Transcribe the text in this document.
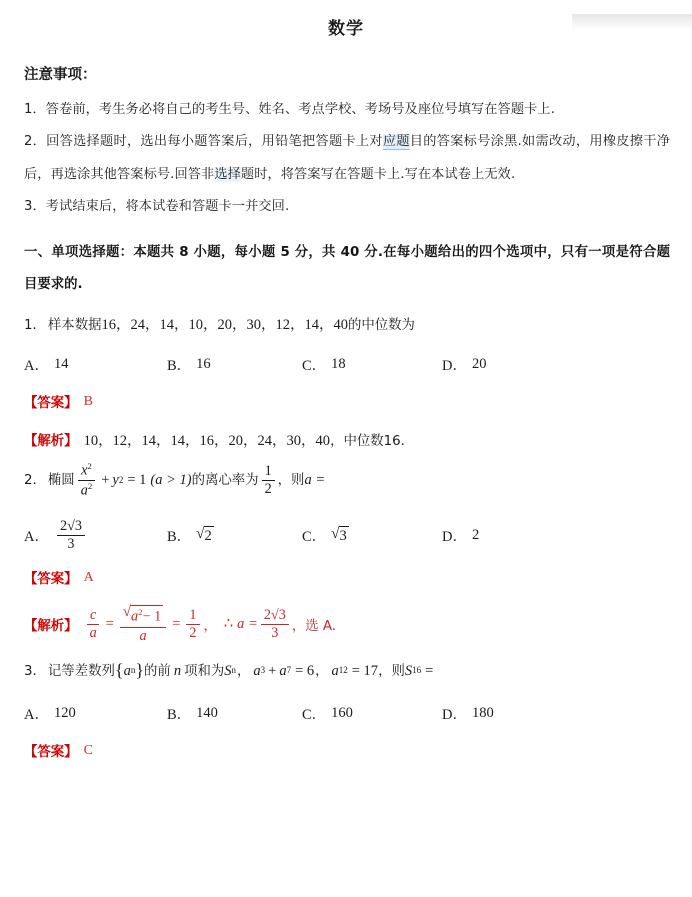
数学
注意事项：
1．答卷前，考生务必将自己的考生号、姓名、考点学校、考场号及座位号填写在答题卡上.
2．回答选择题时，选出每小题答案后，用铅笔把答题卡上对应题目的答案标号涂黑.如需改动，用橡皮擦干净后，再选涂其他答案标号.回答非选择题时，将答案写在答题卡上.写在本试卷上无效.
3．考试结束后，将本试卷和答题卡一并交回.
一、单项选择题：本题共 8 小题，每小题 5 分，共 40 分.在每小题给出的四个选项中，只有一项是符合题目要求的.
1． 样本数据 16，24，14，10，20，30，12，14，40 的中位数为
A． 14	B． 16	C． 18	D． 20
【答案】 B
【解析】 10，12，14，14，16，20，24，30，40 ，中位数16.
2． 椭圆 $\frac{x^2}{a^2} + y$ 2 = 1 (a > 1) 的离心率为 $\frac{1}{2}$ ，则 a =
A． $\frac{2√3}{3}$	B． √ 2	C． √ 3	D． 2
【答案】 A
【解析】 $\frac{c}{a} = \frac{√ a^2- 1}{a} = \frac{1}{2}$ ， ∴ $a = \frac{2√3}{3}$ ，选 A.
3． 记等差数列 { a n } 的前 n 项和为 S n ， a 3 + a 7 = 6 ， a 12 = 17 ，则 S 16 =
A． 120	B． 140	C． 160	D． 180
【答案】 C
